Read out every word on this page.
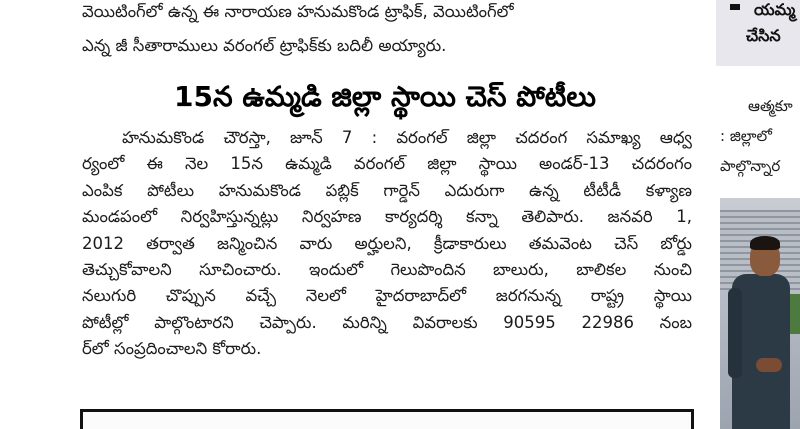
వెయిటింగ్‌లో ఉన్న ఈ నారాయణ హనుమకొండ ట్రాఫిక్, వెయిటింగ్‌లో
ఎన్న జీ సీతారాములు వరంగల్ ట్రాఫిక్‌కు బదిలీ అయ్యారు.
15న ఉమ్మడి జిల్లా స్థాయి చెస్ పోటీలు
హనుమకొండ చౌరస్తా, జూన్ 7 : వరంగల్ జిల్లా చదరంగ సమాఖ్య ఆధ్వ
ర్యంలో ఈ నెల 15న ఉమ్మడి వరంగల్ జిల్లా స్థాయి అండర్-13 చదరంగం
ఎంపిక పోటీలు హనుమకొండ పబ్లిక్ గార్డెన్ ఎదురుగా ఉన్న టీటీడీ కళ్యాణ
మండపంలో నిర్వహిస్తున్నట్లు నిర్వహణ కార్యదర్శి కన్నా తెలిపారు. జనవరి 1,
2012 తర్వాత జన్మించిన వారు అర్హులని, క్రీడాకారులు తమవెంట చెస్ బోర్డు
తెచ్చుకోవాలని సూచించారు. ఇందులో గెలుపొందిన బాలురు, బాలికల నుంచి
నలుగురి చొప్పున వచ్చే నెలలో హైదరాబాద్‌లో జరగనున్న రాష్ట్ర స్థాయి
పోటీల్లో పాల్గొంటారని చెప్పారు. మరిన్ని వివరాలకు 90595 22986 నంబ
ర్‌లో సంప్రదించాలని కోరారు.
యమ్మ
చేసిన
ఆత్మకూ
: జిల్లాలో
పాల్గొన్నార
